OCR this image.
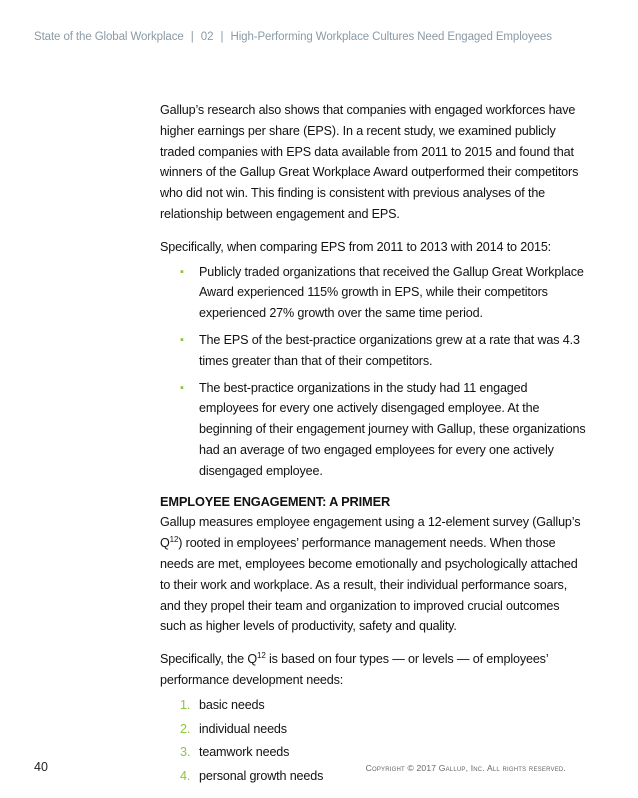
State of the Global Workplace | 02 | High-Performing Workplace Cultures Need Engaged Employees

Gallup’s research also shows that companies with engaged workforces have higher earnings per share (EPS). In a recent study, we examined publicly traded companies with EPS data available from 2011 to 2015 and found that winners of the Gallup Great Workplace Award outperformed their competitors who did not win. This finding is consistent with previous analyses of the relationship between engagement and EPS.

Specifically, when comparing EPS from 2011 to 2013 with 2014 to 2015:

▪ Publicly traded organizations that received the Gallup Great Workplace Award experienced 115% growth in EPS, while their competitors experienced 27% growth over the same time period.
▪ The EPS of the best-practice organizations grew at a rate that was 4.3 times greater than that of their competitors.
▪ The best-practice organizations in the study had 11 engaged employees for every one actively disengaged employee. At the beginning of their engagement journey with Gallup, these organizations had an average of two engaged employees for every one actively disengaged employee.

EMPLOYEE ENGAGEMENT: A PRIMER

Gallup measures employee engagement using a 12-element survey (Gallup’s $Q^{12}$) rooted in employees’ performance management needs. When those needs are met, employees become emotionally and psychologically attached to their work and workplace. As a result, their individual performance soars, and they propel their team and organization to improved crucial outcomes such as higher levels of productivity, safety and quality.

Specifically, the $Q^{12}$ is based on four types — or levels — of employees’ performance development needs:

1. basic needs
2. individual needs
3. teamwork needs
4. personal growth needs
40	Copyright © 2017 Gallup, Inc. All rights reserved.
